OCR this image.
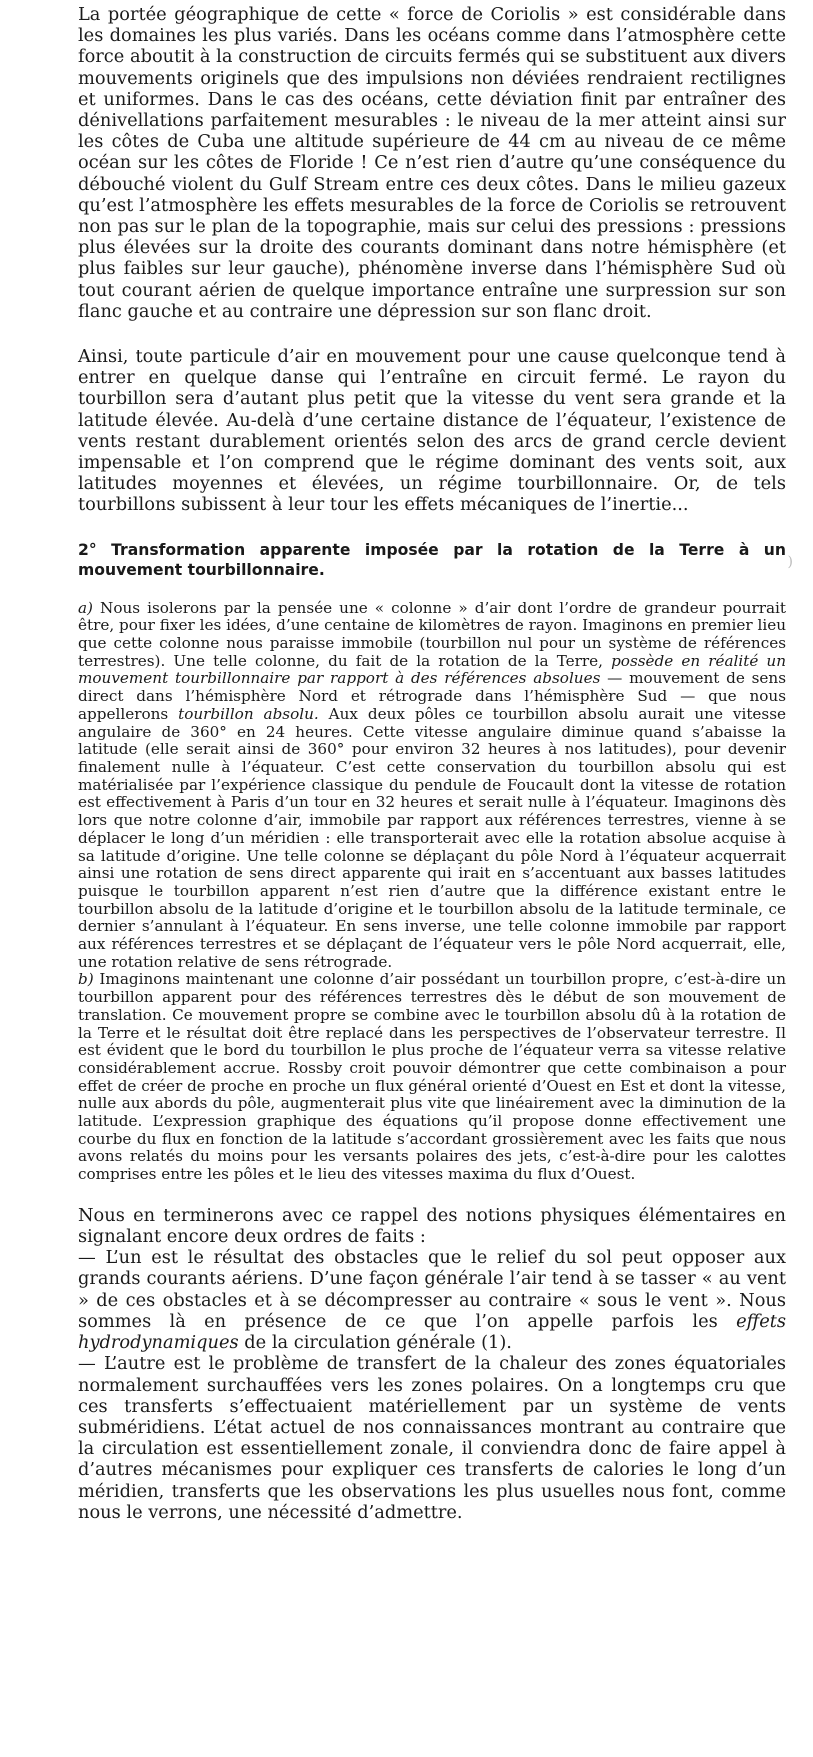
La portée géographique de cette « force de Coriolis » est considérable dans les domaines les plus variés. Dans les océans comme dans l’atmosphère cette force aboutit à la construction de circuits fermés qui se substituent aux divers mouvements originels que des impulsions non déviées rendraient rectilignes et uniformes. Dans le cas des océans, cette déviation finit par entraîner des dénivellations parfaitement mesurables : le niveau de la mer atteint ainsi sur les côtes de Cuba une altitude supérieure de 44 cm au niveau de ce même océan sur les côtes de Floride ! Ce n’est rien d’autre qu’une conséquence du débouché violent du Gulf Stream entre ces deux côtes. Dans le milieu gazeux qu’est l’atmosphère les effets mesurables de la force de Coriolis se retrouvent non pas sur le plan de la topographie, mais sur celui des pressions : pressions plus élevées sur la droite des courants dominant dans notre hémisphère (et plus faibles sur leur gauche), phénomène inverse dans l’hémisphère Sud où tout courant aérien de quelque importance entraîne une surpression sur son flanc gauche et au contraire une dépression sur son flanc droit.

Ainsi, toute particule d’air en mouvement pour une cause quelconque tend à entrer en quelque danse qui l’entraîne en circuit fermé. Le rayon du tourbillon sera d’autant plus petit que la vitesse du vent sera grande et la latitude élevée. Au-delà d’une certaine distance de l’équateur, l’existence de vents restant durablement orientés selon des arcs de grand cercle devient impensable et l’on comprend que le régime dominant des vents soit, aux latitudes moyennes et élevées, un régime tourbillonnaire. Or, de tels tourbillons subissent à leur tour les effets mécaniques de l’inertie...

2° Transformation apparente imposée par la rotation de la Terre à un mouvement tourbillonnaire.

a) Nous isolerons par la pensée une « colonne » d’air dont l’ordre de grandeur pourrait être, pour fixer les idées, d’une centaine de kilomètres de rayon. Imaginons en premier lieu que cette colonne nous paraisse immobile (tourbillon nul pour un système de références terrestres). Une telle colonne, du fait de la rotation de la Terre, possède en réalité un mouvement tourbillonnaire par rapport à des références absolues — mouvement de sens direct dans l’hémisphère Nord et rétrograde dans l’hémisphère Sud — que nous appellerons tourbillon absolu. Aux deux pôles ce tourbillon absolu aurait une vitesse angulaire de 360° en 24 heures. Cette vitesse angulaire diminue quand s’abaisse la latitude (elle serait ainsi de 360° pour environ 32 heures à nos latitudes), pour devenir finalement nulle à l’équateur. C’est cette conservation du tourbillon absolu qui est matérialisée par l’expérience classique du pendule de Foucault dont la vitesse de rotation est effectivement à Paris d’un tour en 32 heures et serait nulle à l’équateur. Imaginons dès lors que notre colonne d’air, immobile par rapport aux références terrestres, vienne à se déplacer le long d’un méridien : elle transporterait avec elle la rotation absolue acquise à sa latitude d’origine. Une telle colonne se déplaçant du pôle Nord à l’équateur acquerrait ainsi une rotation de sens direct apparente qui irait en s’accentuant aux basses latitudes puisque le tourbillon apparent n’est rien d’autre que la différence existant entre le tourbillon absolu de la latitude d’origine et le tourbillon absolu de la latitude terminale, ce dernier s’annulant à l’équateur. En sens inverse, une telle colonne immobile par rapport aux références terrestres et se déplaçant de l’équateur vers le pôle Nord acquerrait, elle, une rotation relative de sens rétrograde.

b) Imaginons maintenant une colonne d’air possédant un tourbillon propre, c’est-à-dire un tourbillon apparent pour des références terrestres dès le début de son mouvement de translation. Ce mouvement propre se combine avec le tourbillon absolu dû à la rotation de la Terre et le résultat doit être replacé dans les perspectives de l’observateur terrestre. Il est évident que le bord du tourbillon le plus proche de l’équateur verra sa vitesse relative considérablement accrue. Rossby croit pouvoir démontrer que cette combinaison a pour effet de créer de proche en proche un flux général orienté d’Ouest en Est et dont la vitesse, nulle aux abords du pôle, augmenterait plus vite que linéairement avec la diminution de la latitude. L’expression graphique des équations qu’il propose donne effectivement une courbe du flux en fonction de la latitude s’accordant grossièrement avec les faits que nous avons relatés du moins pour les versants polaires des jets, c’est-à-dire pour les calottes comprises entre les pôles et le lieu des vitesses maxima du flux d’Ouest.

Nous en terminerons avec ce rappel des notions physiques élémentaires en signalant encore deux ordres de faits :

— L’un est le résultat des obstacles que le relief du sol peut opposer aux grands courants aériens. D’une façon générale l’air tend à se tasser « au vent » de ces obstacles et à se décompresser au contraire « sous le vent ». Nous sommes là en présence de ce que l’on appelle parfois les effets hydrodynamiques de la circulation générale (1).

— L’autre est le problème de transfert de la chaleur des zones équatoriales normalement surchauffées vers les zones polaires. On a longtemps cru que ces transferts s’effectuaient matériellement par un système de vents subméridiens. L’état actuel de nos connaissances montrant au contraire que la circulation est essentiellement zonale, il conviendra donc de faire appel à d’autres mécanismes pour expliquer ces transferts de calories le long d’un méridien, transferts que les observations les plus usuelles nous font, comme nous le verrons, une nécessité d’admettre.

)
